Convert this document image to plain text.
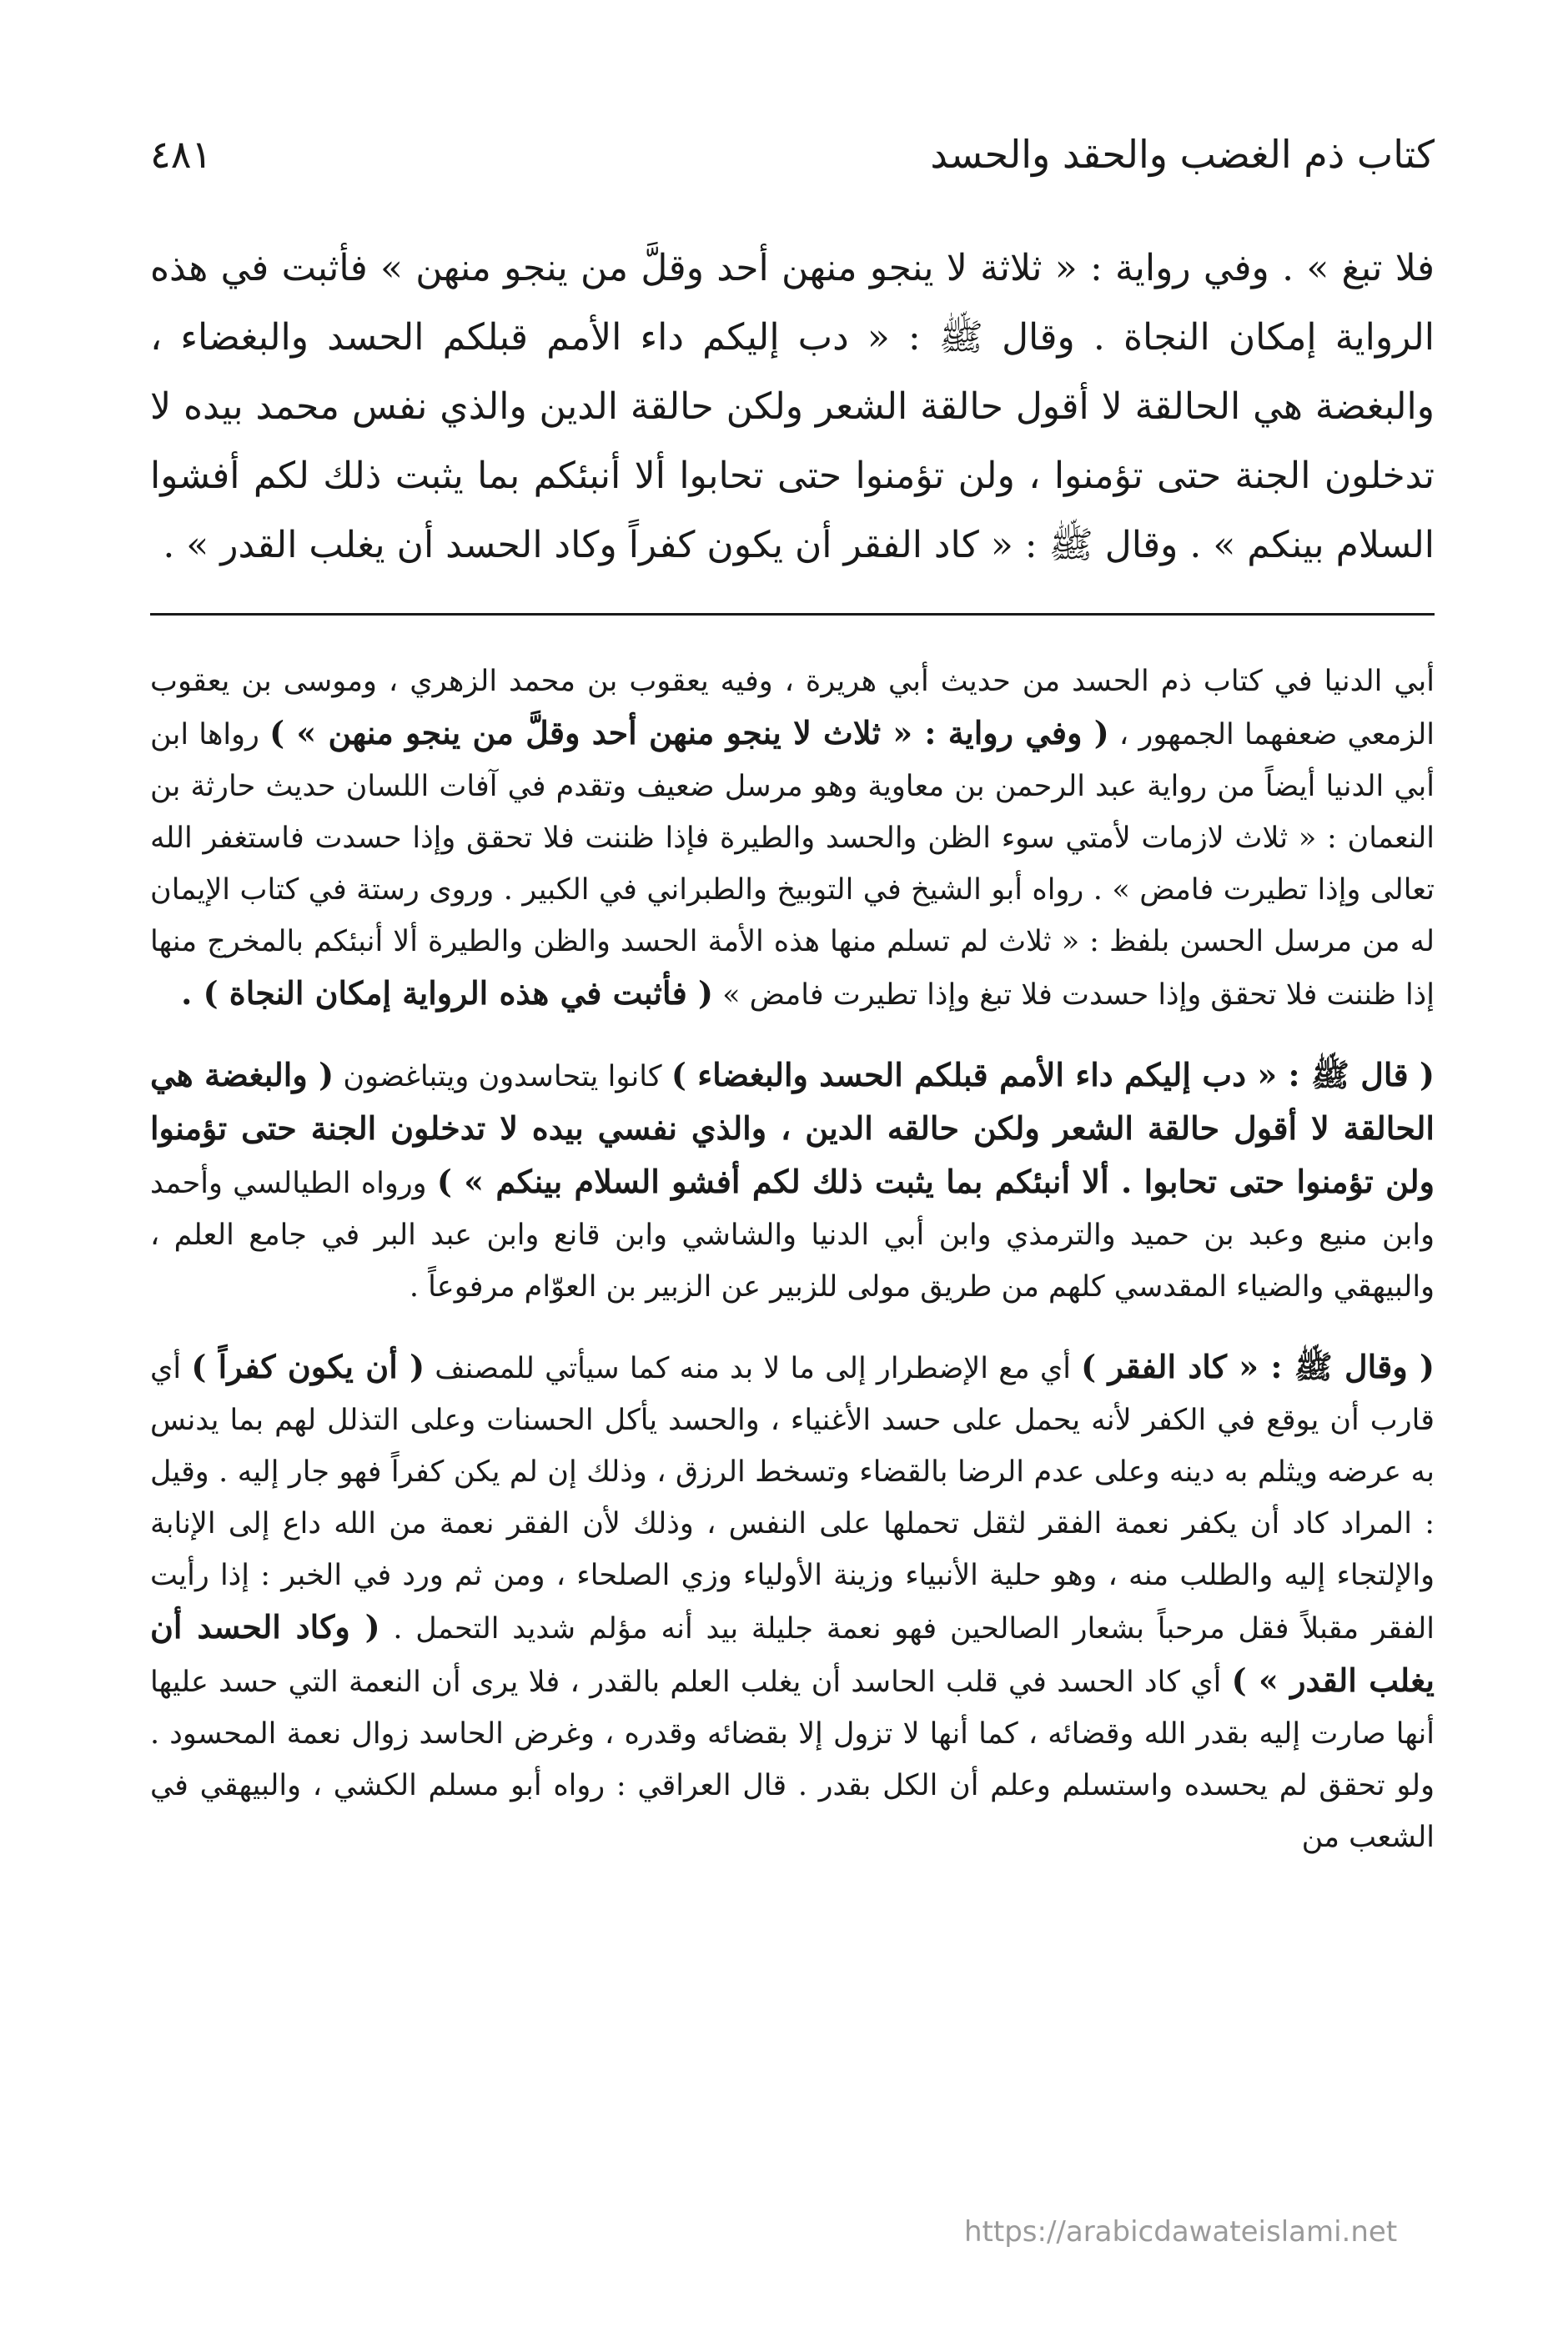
كتاب ذم الغضب والحقد والحسد
٤٨١
فلا تبغ » . وفي رواية : « ثلاثة لا ينجو منهن أحد وقلَّ من ينجو منهن » فأثبت في هذه الرواية إمكان النجاة . وقال ﷺ : « دب إليكم داء الأمم قبلكم الحسد والبغضاء ، والبغضة هي الحالقة لا أقول حالقة الشعر ولكن حالقة الدين والذي نفس محمد بيده لا تدخلون الجنة حتى تؤمنوا ، ولن تؤمنوا حتى تحابوا ألا أنبئكم بما يثبت ذلك لكم أفشوا السلام بينكم » . وقال ﷺ : « كاد الفقر أن يكون كفراً وكاد الحسد أن يغلب القدر » .

أبي الدنيا في كتاب ذم الحسد من حديث أبي هريرة ، وفيه يعقوب بن محمد الزهري ، وموسى بن يعقوب الزمعي ضعفهما الجمهور ، ( وفي رواية : « ثلاث لا ينجو منهن أحد وقلَّ من ينجو منهن » ) رواها ابن أبي الدنيا أيضاً من رواية عبد الرحمن بن معاوية وهو مرسل ضعيف وتقدم في آفات اللسان حديث حارثة بن النعمان : « ثلاث لازمات لأمتي سوء الظن والحسد والطيرة فإذا ظننت فلا تحقق وإذا حسدت فاستغفر الله تعالى وإذا تطيرت فامض » . رواه أبو الشيخ في التوبيخ والطبراني في الكبير . وروى رستة في كتاب الإيمان له من مرسل الحسن بلفظ : « ثلاث لم تسلم منها هذه الأمة الحسد والظن والطيرة ألا أنبئكم بالمخرج منها إذا ظننت فلا تحقق وإذا حسدت فلا تبغ وإذا تطيرت فامض » ( فأثبت في هذه الرواية إمكان النجاة ) .

( قال ﷺ : « دب إليكم داء الأمم قبلكم الحسد والبغضاء ) كانوا يتحاسدون ويتباغضون ( والبغضة هي الحالقة لا أقول حالقة الشعر ولكن حالقه الدين ، والذي نفسي بيده لا تدخلون الجنة حتى تؤمنوا ولن تؤمنوا حتى تحابوا . ألا أنبئكم بما يثبت ذلك لكم أفشو السلام بينكم » ) ورواه الطيالسي وأحمد وابن منيع وعبد بن حميد والترمذي وابن أبي الدنيا والشاشي وابن قانع وابن عبد البر في جامع العلم ، والبيهقي والضياء المقدسي كلهم من طريق مولى للزبير عن الزبير بن العوّام مرفوعاً .

( وقال ﷺ : « كاد الفقر ) أي مع الإضطرار إلى ما لا بد منه كما سيأتي للمصنف ( أن يكون كفراً ) أي قارب أن يوقع في الكفر لأنه يحمل على حسد الأغنياء ، والحسد يأكل الحسنات وعلى التذلل لهم بما يدنس به عرضه ويثلم به دينه وعلى عدم الرضا بالقضاء وتسخط الرزق ، وذلك إن لم يكن كفراً فهو جار إليه . وقيل : المراد كاد أن يكفر نعمة الفقر لثقل تحملها على النفس ، وذلك لأن الفقر نعمة من الله داع إلى الإنابة والإلتجاء إليه والطلب منه ، وهو حلية الأنبياء وزينة الأولياء وزي الصلحاء ، ومن ثم ورد في الخبر : إذا رأيت الفقر مقبلاً فقل مرحباً بشعار الصالحين فهو نعمة جليلة بيد أنه مؤلم شديد التحمل . ( وكاد الحسد أن يغلب القدر » ) أي كاد الحسد في قلب الحاسد أن يغلب العلم بالقدر ، فلا يرى أن النعمة التي حسد عليها أنها صارت إليه بقدر الله وقضائه ، كما أنها لا تزول إلا بقضائه وقدره ، وغرض الحاسد زوال نعمة المحسود . ولو تحقق لم يحسده واستسلم وعلم أن الكل بقدر . قال العراقي : رواه أبو مسلم الكشي ، والبيهقي في الشعب من

https://arabicdawateislami.net
